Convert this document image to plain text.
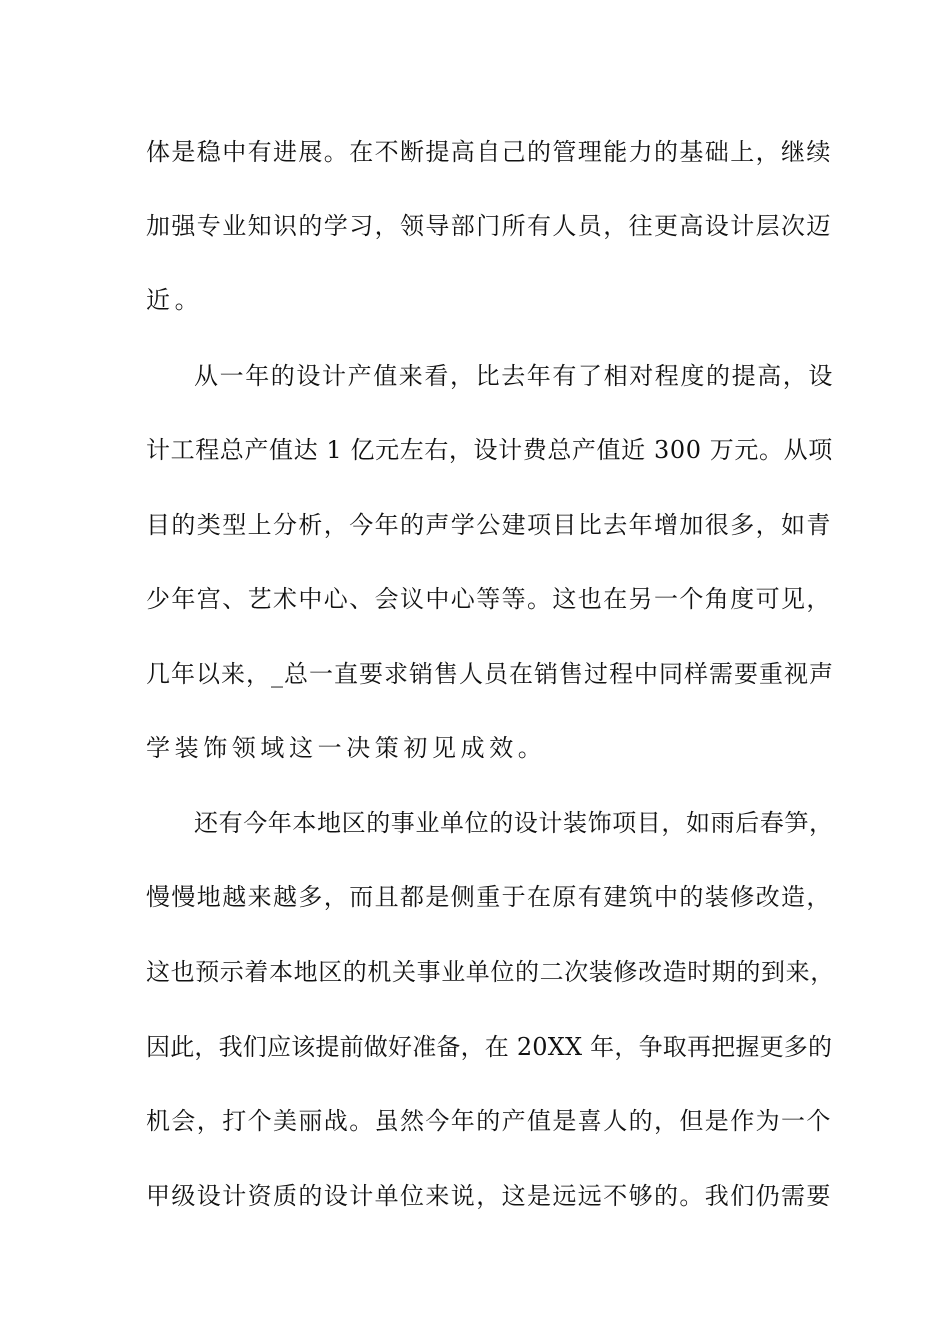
体是稳中有进展。在不断提高自己的管理能力的基础上，继续
加强专业知识的学习，领导部门所有人员，往更高设计层次迈
近。
从一年的设计产值来看，比去年有了相对程度的提高，设
计工程总产值达 1 亿元左右，设计费总产值近 300 万元。从项
目的类型上分析，今年的声学公建项目比去年增加很多，如青
少年宫、艺术中心、会议中心等等。这也在另一个角度可见，
几年以来，_总一直要求销售人员在销售过程中同样需要重视声
学装饰领域这一决策初见成效。
还有今年本地区的事业单位的设计装饰项目，如雨后春笋，
慢慢地越来越多，而且都是侧重于在原有建筑中的装修改造，
这也预示着本地区的机关事业单位的二次装修改造时期的到来，
因此，我们应该提前做好准备，在 20XX 年，争取再把握更多的
机会，打个美丽战。虽然今年的产值是喜人的，但是作为一个
甲级设计资质的设计单位来说，这是远远不够的。我们仍需要
